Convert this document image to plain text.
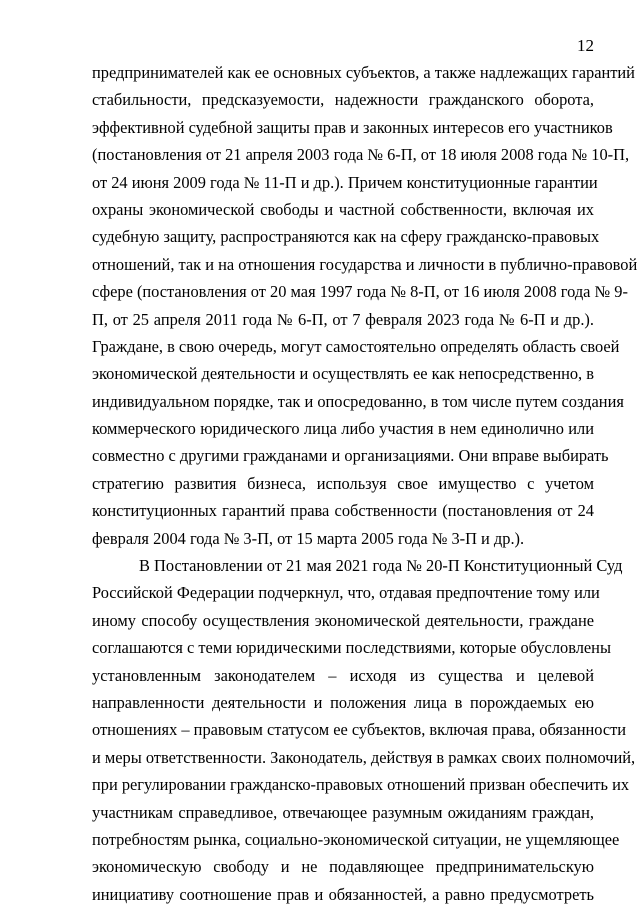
12
предпринимателей как ее основных субъектов, а также надлежащих гарантий
стабильности, предсказуемости, надежности гражданского оборота,
эффективной судебной защиты прав и законных интересов его участников
(постановления от 21 апреля 2003 года № 6-П, от 18 июля 2008 года № 10-П,
от 24 июня 2009 года № 11-П и др.). Причем конституционные гарантии
охраны экономической свободы и частной собственности, включая их
судебную защиту, распространяются как на сферу гражданско-правовых
отношений, так и на отношения государства и личности в публично-правовой
сфере (постановления от 20 мая 1997 года № 8-П, от 16 июля 2008 года № 9-
П, от 25 апреля 2011 года № 6-П, от 7 февраля 2023 года № 6-П и др.).
Граждане, в свою очередь, могут самостоятельно определять область своей
экономической деятельности и осуществлять ее как непосредственно, в
индивидуальном порядке, так и опосредованно, в том числе путем создания
коммерческого юридического лица либо участия в нем единолично или
совместно с другими гражданами и организациями. Они вправе выбирать
стратегию развития бизнеса, используя свое имущество с учетом
конституционных гарантий права собственности (постановления от 24
февраля 2004 года № 3-П, от 15 марта 2005 года № 3-П и др.).
В Постановлении от 21 мая 2021 года № 20-П Конституционный Суд
Российской Федерации подчеркнул, что, отдавая предпочтение тому или
иному способу осуществления экономической деятельности, граждане
соглашаются с теми юридическими последствиями, которые обусловлены
установленным законодателем – исходя из существа и целевой
направленности деятельности и положения лица в порождаемых ею
отношениях – правовым статусом ее субъектов, включая права, обязанности
и меры ответственности. Законодатель, действуя в рамках своих полномочий,
при регулировании гражданско-правовых отношений призван обеспечить их
участникам справедливое, отвечающее разумным ожиданиям граждан,
потребностям рынка, социально-экономической ситуации, не ущемляющее
экономическую свободу и не подавляющее предпринимательскую
инициативу соотношение прав и обязанностей, а равно предусмотреть
